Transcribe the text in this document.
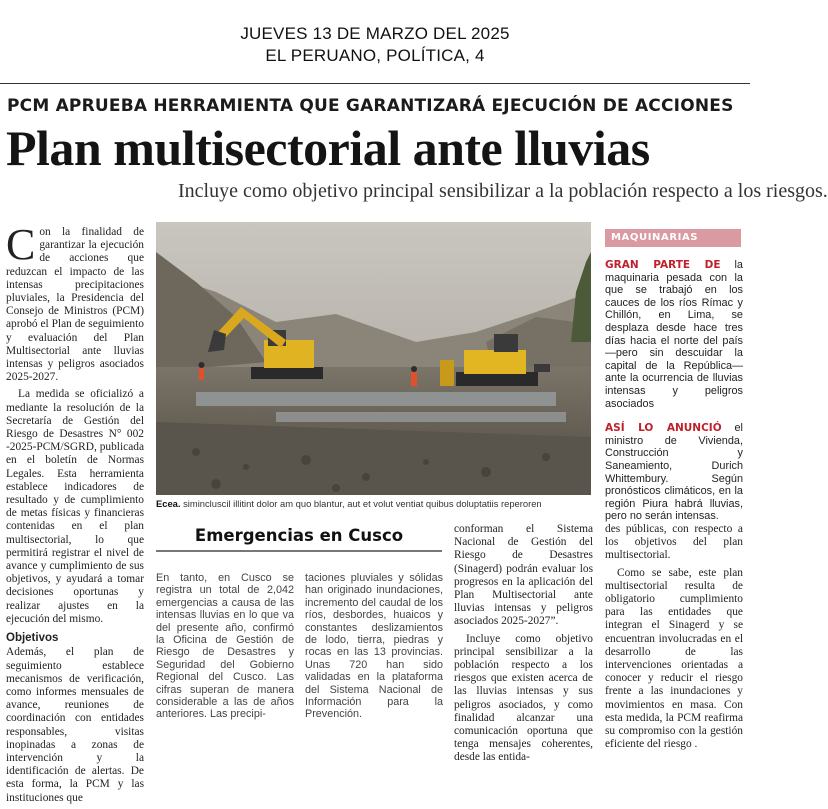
JUEVES 13 DE MARZO DEL 2025
EL PERUANO, POLÍTICA, 4
PCM APRUEBA HERRAMIENTA QUE GARANTIZARÁ EJECUCIÓN DE ACCIONES
Plan multisectorial ante lluvias
Incluye como objetivo principal sensibilizar a la población respecto a los riesgos.

Con la finalidad de garantizar la ejecución de acciones que reduzcan el impacto de las intensas precipitaciones pluviales, la Presidencia del Consejo de Ministros (PCM) aprobó el Plan de seguimiento y evaluación del Plan Multisectorial ante lluvias intensas y peligros asociados 2025-2027.

La medida se oficializó a mediante la resolución de la Secretaría de Gestión del Riesgo de Desastres N° 002 -2025-PCM/SGRD, publicada en el boletín de Normas Legales. Esta herramienta establece indicadores de resultado y de cumplimiento de metas físicas y financieras contenidas en el plan multisectorial, lo que permitirá registrar el nivel de avance y cumplimiento de sus objetivos, y ayudará a tomar decisiones oportunas y realizar ajustes en la ejecución del mismo.

Objetivos

Además, el plan de seguimiento establece mecanismos de verificación, como informes mensuales de avance, reuniones de coordinación con entidades responsables, visitas inopinadas a zonas de intervención y la identificación de alertas. De esta forma, la PCM y las instituciones que

Ecea. simincluscil illitint dolor am quo blantur, aut et volut ventiat quibus doluptatiis reperoren
Emergencias en Cusco

En tanto, en Cusco se registra un total de 2,042 emergencias a causa de las intensas lluvias en lo que va del presente año, confirmó la Oficina de Gestión de Riesgo de Desastres y Seguridad del Gobierno Regional del Cusco. Las cifras superan de manera considerable a las de años anteriores. Las precipi-

taciones pluviales y sólidas han originado inundaciones, incremento del caudal de los ríos, desbordes, huaicos y constantes deslizamientos de lodo, tierra, piedras y rocas en las 13 provincias. Unas 720 han sido validadas en la plataforma del Sistema Nacional de Información para la Prevención.

conforman el Sistema Nacional de Gestión del Riesgo de Desastres (Sinagerd) podrán evaluar los progresos en la aplicación del Plan Multisectorial ante lluvias intensas y peligros asociados 2025-2027”.

Incluye como objetivo principal sensibilizar a la población respecto a los riesgos que existen acerca de las lluvias intensas y sus peligros asociados, y como finalidad alcanzar una comunicación oportuna que tenga mensajes coherentes, desde las entida-

des públicas, con respecto a los objetivos del plan multisectorial.

Como se sabe, este plan multisectorial resulta de obligatorio cumplimiento para las entidades que integran el Sinagerd y se encuentran involucradas en el desarrollo de las intervenciones orientadas a conocer y reducir el riesgo frente a las inundaciones y movimientos en masa. Con esta medida, la PCM reafirma su compromiso con la gestión eficiente del riesgo .

MAQUINARIAS

GRAN PARTE DE la maquinaria pesada con la que se trabajó en los cauces de los ríos Rímac y Chillón, en Lima, se desplaza desde hace tres días hacia el norte del país —pero sin descuidar la capital de la República— ante la ocurrencia de lluvias intensas y peligros asociados

ASÍ LO ANUNCIÓ el ministro de Vivienda, Construcción y Saneamiento, Durich Whittembury. Según pronósticos climáticos, en la región Piura habrá lluvias, pero no serán intensas.
